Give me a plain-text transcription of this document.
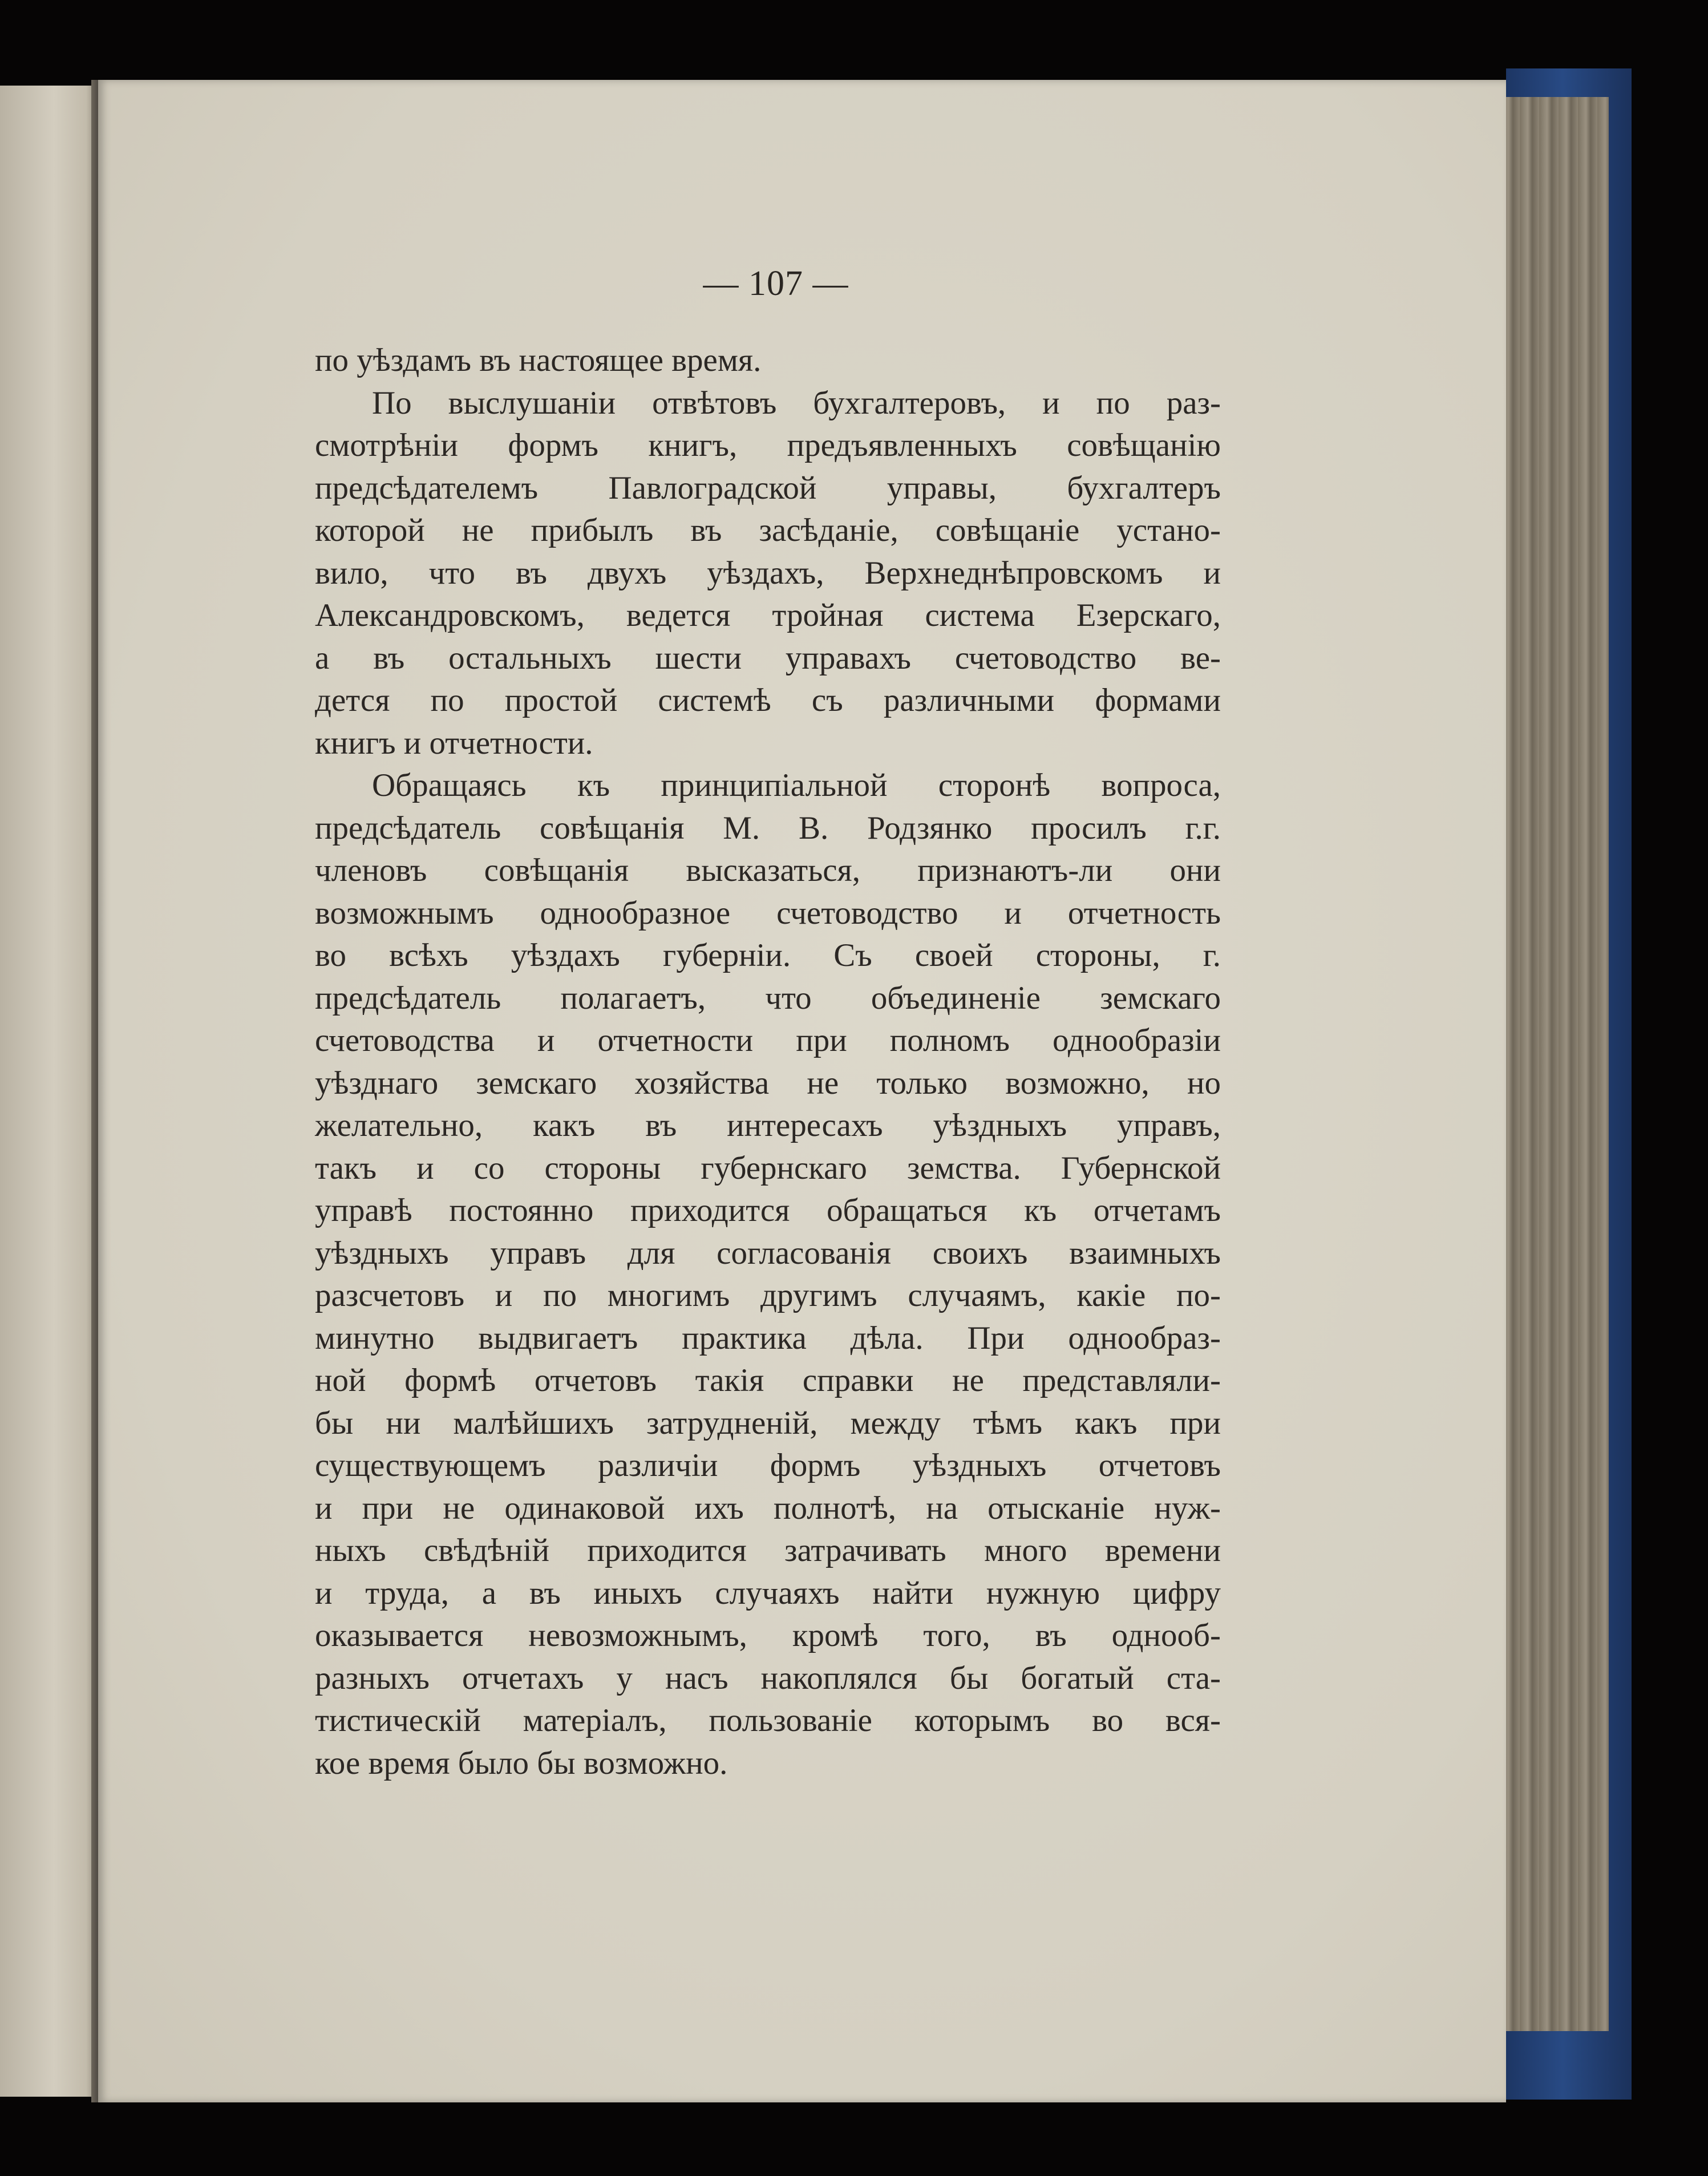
— 107 —
по уѣздамъ въ настоящее время.
По выслушаніи отвѣтовъ бухгалтеровъ, и по раз-
смотрѣніи формъ книгъ, предъявленныхъ совѣщанію
предсѣдателемъ Павлоградской управы, бухгалтеръ
которой не прибылъ въ засѣданіе, совѣщаніе устано-
вило, что въ двухъ уѣздахъ, Верхнеднѣпровскомъ и
Александровскомъ, ведется тройная система Езерскаго,
а въ остальныхъ шести управахъ счетоводство ве-
дется по простой системѣ съ различными формами
книгъ и отчетности.
Обращаясь къ принципіальной сторонѣ вопроса,
предсѣдатель совѣщанія М. В. Родзянко просилъ г.г.
членовъ совѣщанія высказаться, признаютъ-ли они
возможнымъ однообразное счетоводство и отчетность
во всѣхъ уѣздахъ губерніи. Съ своей стороны, г.
предсѣдатель полагаетъ, что объединеніе земскаго
счетоводства и отчетности при полномъ однообразіи
уѣзднаго земскаго хозяйства не только возможно, но
желательно, какъ въ интересахъ уѣздныхъ управъ,
такъ и со стороны губернскаго земства. Губернской
управѣ постоянно приходится обращаться къ отчетамъ
уѣздныхъ управъ для согласованія своихъ взаимныхъ
разсчетовъ и по многимъ другимъ случаямъ, какіе по-
минутно выдвигаетъ практика дѣла. При однообраз-
ной формѣ отчетовъ такія справки не представляли-
бы ни малѣйшихъ затрудненій, между тѣмъ какъ при
существующемъ различіи формъ уѣздныхъ отчетовъ
и при не одинаковой ихъ полнотѣ, на отысканіе нуж-
ныхъ свѣдѣній приходится затрачивать много времени
и труда, а въ иныхъ случаяхъ найти нужную цифру
оказывается невозможнымъ, кромѣ того, въ однооб-
разныхъ отчетахъ у насъ накоплялся бы богатый ста-
тистическій матеріалъ, пользованіе которымъ во вся-
кое время было бы возможно.
